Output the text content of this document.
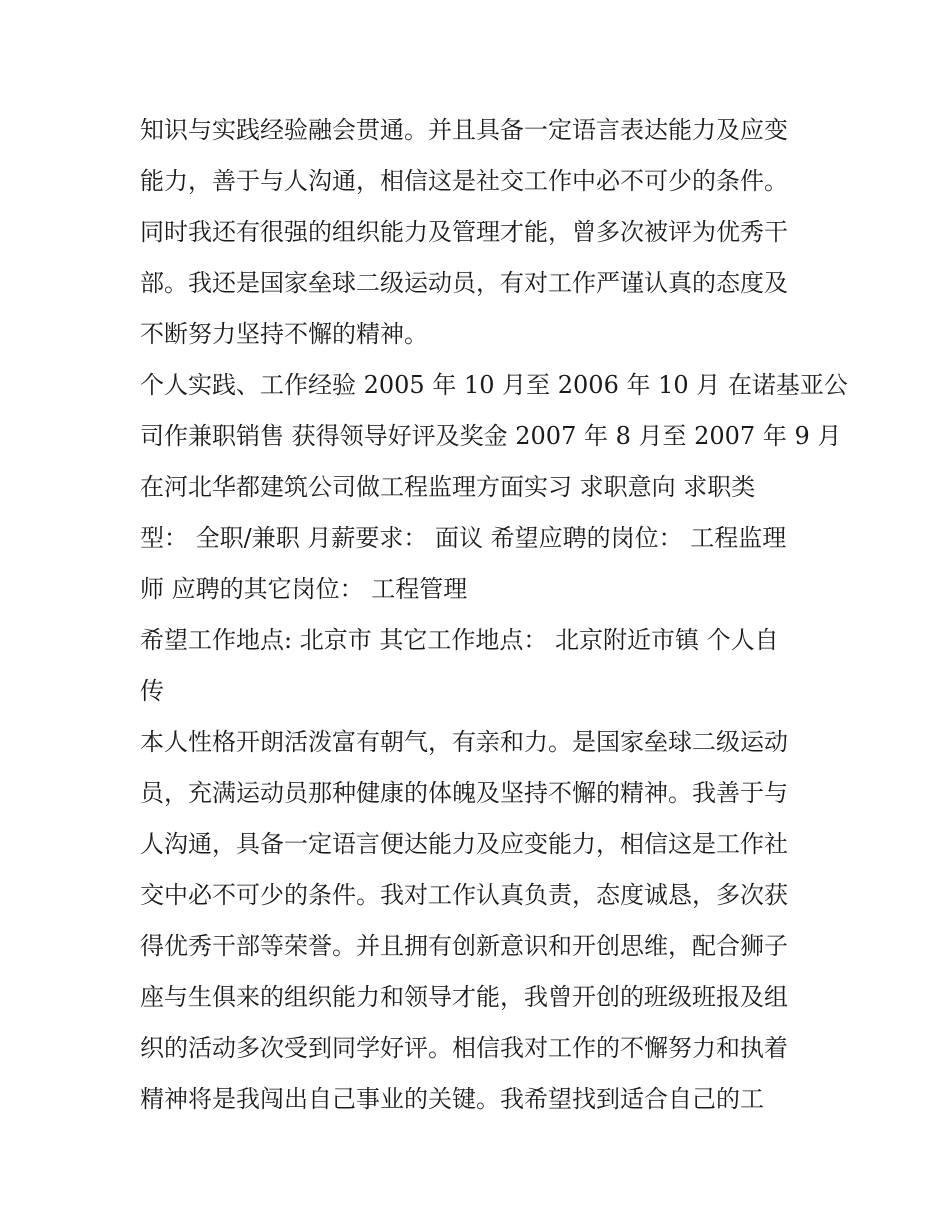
知识与实践经验融会贯通。并且具备一定语言表达能力及应变
能力，善于与人沟通，相信这是社交工作中必不可少的条件。
同时我还有很强的组织能力及管理才能，曾多次被评为优秀干
部。我还是国家垒球二级运动员，有对工作严谨认真的态度及
不断努力坚持不懈的精神。
个人实践、工作经验 2005 年 10 月至 2006 年 10 月 在诺基亚公
司作兼职销售 获得领导好评及奖金 2007 年 8 月至 2007 年 9 月
在河北华都建筑公司做工程监理方面实习 求职意向 求职类
型： 全职/兼职 月薪要求： 面议 希望应聘的岗位： 工程监理
师 应聘的其它岗位： 工程管理
希望工作地点: 北京市 其它工作地点： 北京附近市镇 个人自
传
本人性格开朗活泼富有朝气，有亲和力。是国家垒球二级运动
员，充满运动员那种健康的体魄及坚持不懈的精神。我善于与
人沟通，具备一定语言便达能力及应变能力，相信这是工作社
交中必不可少的条件。我对工作认真负责，态度诚恳，多次获
得优秀干部等荣誉。并且拥有创新意识和开创思维，配合狮子
座与生俱来的组织能力和领导才能，我曾开创的班级班报及组
织的活动多次受到同学好评。相信我对工作的不懈努力和执着
精神将是我闯出自己事业的关键。我希望找到适合自己的工
